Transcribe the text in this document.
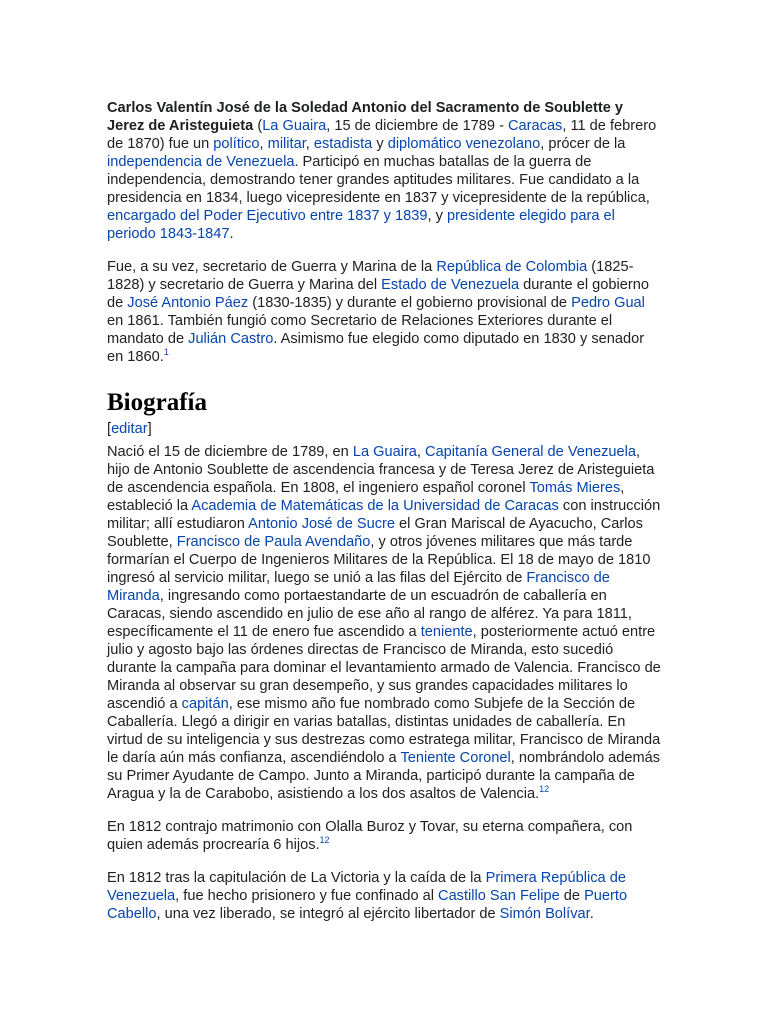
Carlos Valentín José de la Soledad Antonio del Sacramento de Soublette y Jerez de Aristeguieta (La Guaira, 15 de diciembre de 1789 - Caracas, 11 de febrero de 1870) fue un político, militar, estadista y diplomático venezolano, prócer de la independencia de Venezuela. Participó en muchas batallas de la guerra de independencia, demostrando tener grandes aptitudes militares. Fue candidato a la presidencia en 1834, luego vicepresidente en 1837 y vicepresidente de la república, encargado del Poder Ejecutivo entre 1837 y 1839, y presidente elegido para el periodo 1843-1847.

Fue, a su vez, secretario de Guerra y Marina de la República de Colombia (1825-1828) y secretario de Guerra y Marina del Estado de Venezuela durante el gobierno de José Antonio Páez (1830-1835) y durante el gobierno provisional de Pedro Gual en 1861. También fungió como Secretario de Relaciones Exteriores durante el mandato de Julián Castro. Asimismo fue elegido como diputado en 1830 y senador en 1860.$^1$

Biografía
[editar]

Nació el 15 de diciembre de 1789, en La Guaira, Capitanía General de Venezuela, hijo de Antonio Soublette de ascendencia francesa y de Teresa Jerez de Aristeguieta de ascendencia española. En 1808, el ingeniero español coronel Tomás Mieres, estableció la Academia de Matemáticas de la Universidad de Caracas con instrucción militar; allí estudiaron Antonio José de Sucre el Gran Mariscal de Ayacucho, Carlos Soublette, Francisco de Paula Avendaño, y otros jóvenes militares que más tarde formarían el Cuerpo de Ingenieros Militares de la República. El 18 de mayo de 1810 ingresó al servicio militar, luego se unió a las filas del Ejército de Francisco de Miranda, ingresando como portaestandarte de un escuadrón de caballería en Caracas, siendo ascendido en julio de ese año al rango de alférez. Ya para 1811, específicamente el 11 de enero fue ascendido a teniente, posteriormente actuó entre julio y agosto bajo las órdenes directas de Francisco de Miranda, esto sucedió durante la campaña para dominar el levantamiento armado de Valencia. Francisco de Miranda al observar su gran desempeño, y sus grandes capacidades militares lo ascendió a capitán, ese mismo año fue nombrado como Subjefe de la Sección de Caballería. Llegó a dirigir en varias batallas, distintas unidades de caballería. En virtud de su inteligencia y sus destrezas como estratega militar, Francisco de Miranda le daría aún más confianza, ascendiéndolo a Teniente Coronel, nombrándolo además su Primer Ayudante de Campo. Junto a Miranda, participó durante la campaña de Aragua y la de Carabobo, asistiendo a los dos asaltos de Valencia.$^{12}$

En 1812 contrajo matrimonio con Olalla Buroz y Tovar, su eterna compañera, con quien además procrearía 6 hijos.$^{12}$

En 1812 tras la capitulación de La Victoria y la caída de la Primera República de Venezuela, fue hecho prisionero y fue confinado al Castillo San Felipe de Puerto Cabello, una vez liberado, se integró al ejército libertador de Simón Bolívar.
